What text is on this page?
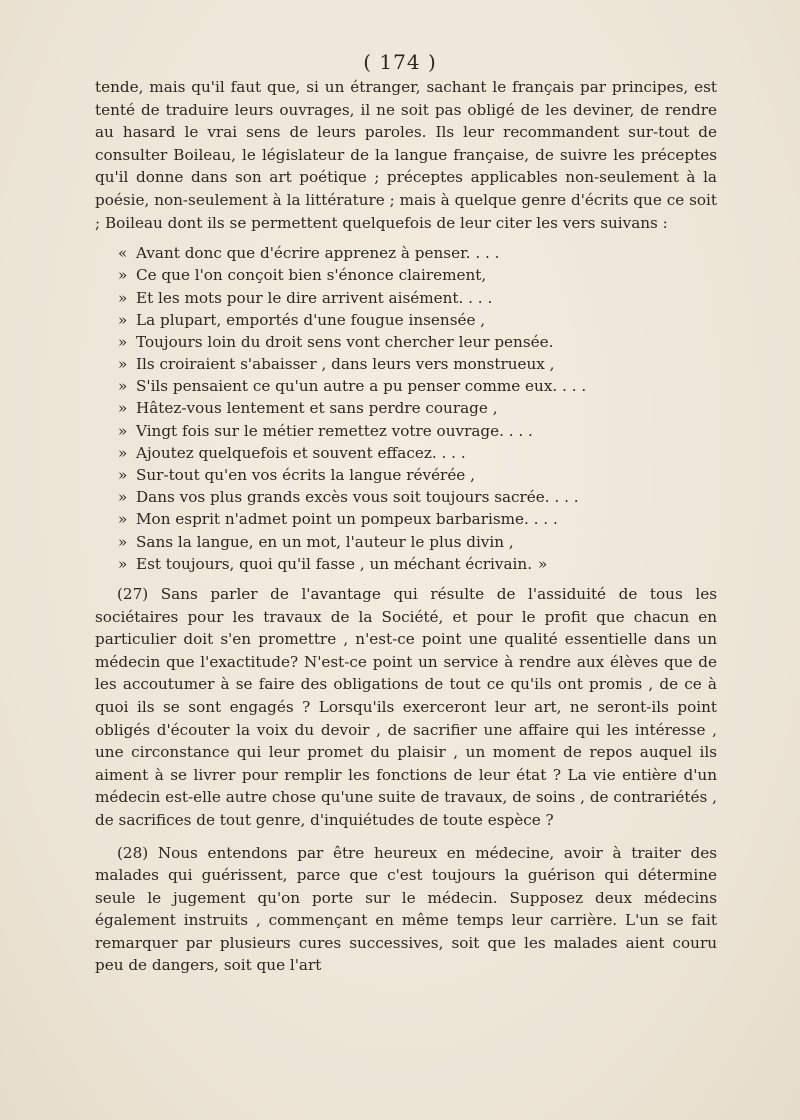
( 174 )

tende, mais qu'il faut que, si un étranger, sachant le français par principes, est tenté de traduire leurs ouvrages, il ne soit pas obligé de les deviner, de rendre au hasard le vrai sens de leurs paroles. Ils leur recommandent sur-tout de consulter Boileau, le législateur de la langue française, de suivre les préceptes qu'il donne dans son art poétique ; préceptes applicables non-seulement à la poésie, non-seulement à la littérature ; mais à quelque genre d'écrits que ce soit ; Boileau dont ils se permettent quelquefois de leur citer les vers suivans :

« Avant donc que d'écrire apprenez à penser. . . .
» Ce que l'on conçoit bien s'énonce clairement,
» Et les mots pour le dire arrivent aisément. . . .
» La plupart, emportés d'une fougue insensée ,
» Toujours loin du droit sens vont chercher leur pensée.
» Ils croiraient s'abaisser , dans leurs vers monstrueux ,
» S'ils pensaient ce qu'un autre a pu penser comme eux. . . .
» Hâtez-vous lentement et sans perdre courage ,
» Vingt fois sur le métier remettez votre ouvrage. . . .
» Ajoutez quelquefois et souvent effacez. . . .
» Sur-tout qu'en vos écrits la langue révérée ,
» Dans vos plus grands excès vous soit toujours sacrée. . . .
» Mon esprit n'admet point un pompeux barbarisme. . . .
» Sans la langue, en un mot, l'auteur le plus divin ,
» Est toujours, quoi qu'il fasse , un méchant écrivain. »

(27) Sans parler de l'avantage qui résulte de l'assiduité de tous les sociétaires pour les travaux de la Société, et pour le profit que chacun en particulier doit s'en promettre , n'est-ce point une qualité essentielle dans un médecin que l'exactitude? N'est-ce point un service à rendre aux élèves que de les accoutumer à se faire des obligations de tout ce qu'ils ont promis , de ce à quoi ils se sont engagés ? Lorsqu'ils exerceront leur art, ne seront-ils point obligés d'écouter la voix du devoir , de sacrifier une affaire qui les intéresse , une circonstance qui leur promet du plaisir , un moment de repos auquel ils aiment à se livrer pour remplir les fonctions de leur état ? La vie entière d'un médecin est-elle autre chose qu'une suite de travaux, de soins , de contrariétés , de sacrifices de tout genre, d'inquiétudes de toute espèce ?

(28) Nous entendons par être heureux en médecine, avoir à traiter des malades qui guérissent, parce que c'est toujours la guérison qui détermine seule le jugement qu'on porte sur le médecin. Supposez deux médecins également instruits , commençant en même temps leur carrière. L'un se fait remarquer par plusieurs cures successives, soit que les malades aient couru peu de dangers, soit que l'art
